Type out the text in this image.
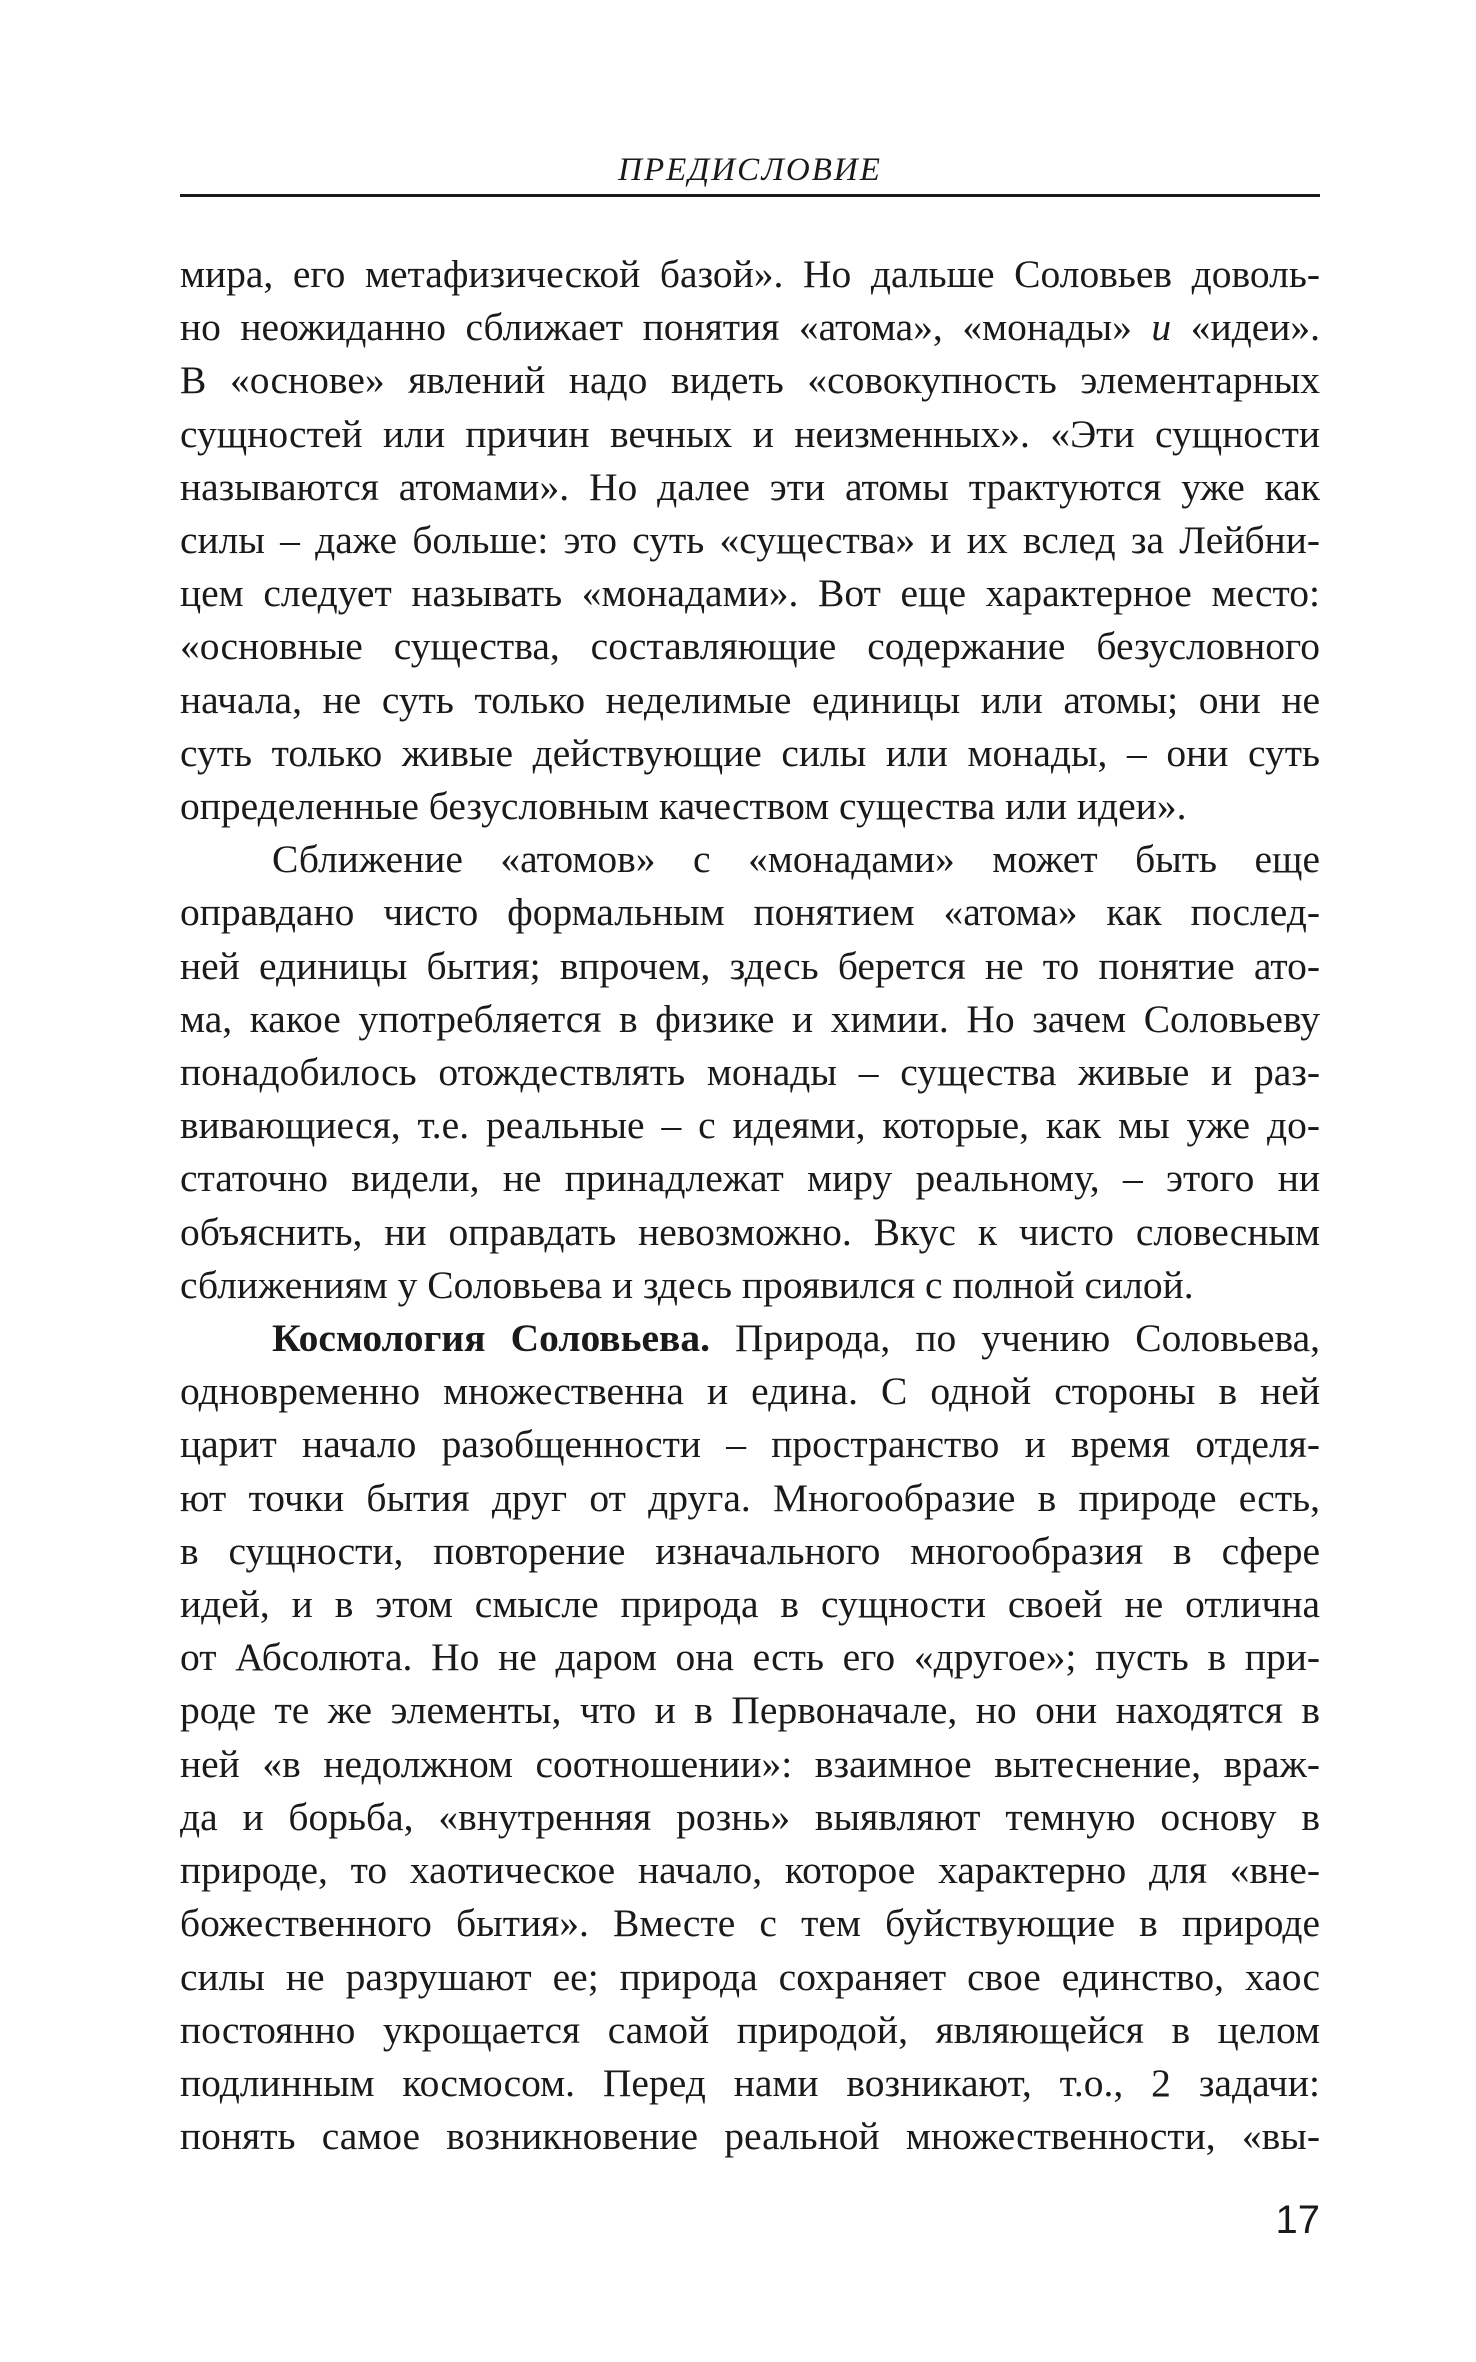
ПРЕДИСЛОВИЕ

мира, его метафизической базой». Но дальше Соловьев доволь-
но неожиданно сближает понятия «атома», «монады» и «идеи».
В «основе» явлений надо видеть «совокупность элементарных
сущностей или причин вечных и неизменных». «Эти сущности
называются атомами». Но далее эти атомы трактуются уже как
силы – даже больше: это суть «существа» и их вслед за Лейбни-
цем следует называть «монадами». Вот еще характерное место:
«основные существа, составляющие содержание безусловного
начала, не суть только неделимые единицы или атомы; они не
суть только живые действующие силы или монады, – они суть
определенные безусловным качеством существа или идеи».

Сближение «атомов» с «монадами» может быть еще
оправдано чисто формальным понятием «атома» как послед-
ней единицы бытия; впрочем, здесь берется не то понятие ато-
ма, какое употребляется в физике и химии. Но зачем Соловьеву
понадобилось отождествлять монады – существа живые и раз-
вивающиеся, т.е. реальные – с идеями, которые, как мы уже до-
статочно видели, не принадлежат миру реальному, – этого ни
объяснить, ни оправдать невозможно. Вкус к чисто словесным
сближениям у Соловьева и здесь проявился с полной силой.

Космология Соловьева. Природа, по учению Соловьева,
одновременно множественна и едина. С одной стороны в ней
царит начало разобщенности – пространство и время отделя-
ют точки бытия друг от друга. Многообразие в природе есть,
в сущности, повторение изначального многообразия в сфере
идей, и в этом смысле природа в сущности своей не отлична
от Абсолюта. Но не даром она есть его «другое»; пусть в при-
роде те же элементы, что и в Первоначале, но они находятся в
ней «в недолжном соотношении»: взаимное вытеснение, враж-
да и борьба, «внутренняя рознь» выявляют темную основу в
природе, то хаотическое начало, которое характерно для «вне-
божественного бытия». Вместе с тем буйствующие в природе
силы не разрушают ее; природа сохраняет свое единство, хаос
постоянно укрощается самой природой, являющейся в целом
подлинным космосом. Перед нами возникают, т.о., 2 задачи:
понять самое возникновение реальной множественности, «вы-

17
